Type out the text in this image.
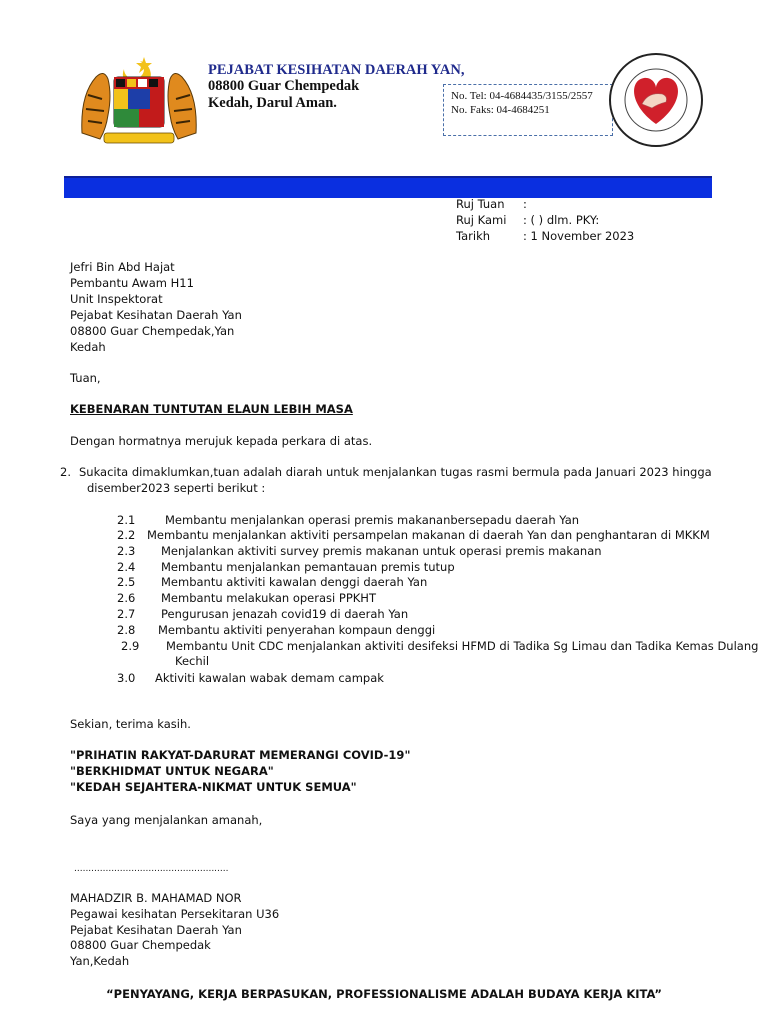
PEJABAT KESIHATAN DAERAH YAN,
08800 Guar Chempedak
Kedah, Darul Aman.	No. Tel: 04-4684435/3155/2557
No. Faks: 04-4684251
Ruj Tuan :
Ruj Kami : ( ) dlm. PKY:
Tarikh	: 1 November 2023
Jefri Bin Abd Hajat
Pembantu Awam H11
Unit Inspektorat
Pejabat Kesihatan Daerah Yan
08800 Guar Chempedak,Yan
Kedah
Tuan,
KEBENARAN TUNTUTAN ELAUN LEBIH MASA
Dengan hormatnya merujuk kepada perkara di atas.
2. Sukacita dimaklumkan,tuan adalah diarah untuk menjalankan tugas rasmi bermula pada Januari 2023 hingga
disember2023 seperti berikut :
2.1	Membantu menjalankan operasi premis makananbersepadu daerah Yan
2.2 Membantu menjalankan aktiviti persampelan makanan di daerah Yan dan penghantaran di MKKM
2.3 Menjalankan aktiviti survey premis makanan untuk operasi premis makanan
2.4 Membantu menjalankan pemantauan premis tutup
2.5 Membantu aktiviti kawalan denggi daerah Yan
2.6 Membantu melakukan operasi PPKHT
2.7 Pengurusan jenazah covid19 di daerah Yan
2.8 Membantu aktiviti penyerahan kompaun denggi
2.9 Membantu Unit CDC menjalankan aktiviti desifeksi HFMD di Tadika Sg Limau dan Tadika Kemas Dulang
Kechil
3.0 Aktiviti kawalan wabak demam campak
Sekian, terima kasih.
"PRIHATIN RAKYAT-DARURAT MEMERANGI COVID-19"
"BERKHIDMAT UNTUK NEGARA"
"KEDAH SEJAHTERA-NIKMAT UNTUK SEMUA"
Saya yang menjalankan amanah,
......................................................
MAHADZIR B. MAHAMAD NOR
Pegawai kesihatan Persekitaran U36
Pejabat Kesihatan Daerah Yan
08800 Guar Chempedak
Yan,Kedah
“PENYAYANG, KERJA BERPASUKAN, PROFESSIONALISME ADALAH BUDAYA KERJA KITA”
